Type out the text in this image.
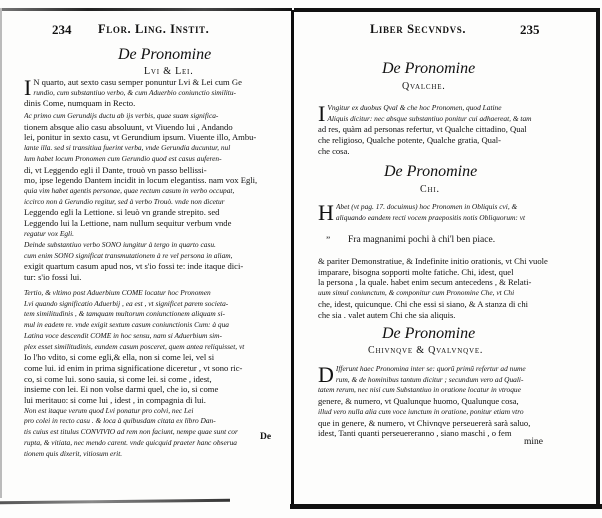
234 Flor. Ling. Instit.
De Pronomine
Lvi & Lei.
I N quarto, aut sexto casu semper ponuntur Lvi & Lei cum Ge
rundio, cum substantiuo verbo, & cum Aduerbio coniunctio similitu-
dinis Come, numquam in Recto.
Ac primo cum Gerundijs ductu ab ijs verbis, quae suam significa-
tionem absque alio casu absoluunt, vt Viuendo lui , Andando
lei, ponitur in sexto casu, vt Gerundium ipsum. Viuente illo, Ambu-
lante illa. sed si transitiua fuerint verba, vnde Gerundia ducuntur, nul
lum habet locum Pronomen cum Gerundio quod est casus auferen-
di, vt Leggendo egli il Dante, trouò vn passo bellissi-
mo, ipse legendo Dantem incidit in locum elegantiss. nam vox Egli,
quia vim habet agentis personae, quae rectum casum in verbo occupat,
iccirco non à Gerundio regitur, sed à verbo Trouò. vnde non dicetur
Leggendo egli la Lettione. si leuò vn grande strepito. sed
Leggendo lui la Lettione, nam nullum sequitur verbum vnde
regatur vox Egli.
Deinde substantiuo verbo SONO iungitur à tergo in quarto casu.
cum enim SONO significat transmutationem à re vel persona in aliam,
exigit quartum casum apud nos, vt s'io fossi te: inde itaque dici-
tur: s'io fossi lui.
Tertio, & vltimo post Aduerbium COME locatur hoc Pronomen
Lvi quando significatio Aduerbij , ea est , vt significet parem societa-
tem similitudinis , & tamquam multorum coniunctionem aliquam si-
mul in eadem re. vnde exigit sextum casum coniunctionis Cum: à qua
Latina voce descendit COME in hoc sensu, nam si Aduerbium sim-
plex esset similitudinis, eundem casum posceret, quem antea reliquisset, vt
Io l'ho vdito, si come egli,& ella, non si come lei, vel si
come lui. id enim in prima significatione diceretur , vt sono ric-
co, si come lui. sono sauia, si come lei. si come , idest,
insieme con lei. Ei non volse darmi quel, che io, si come
lui meritauo: si come lui , idest , in compagnia di lui.
Non est itaque verum quod Lvi ponatur pro colvi, nec Lei
pro colei in recto casu . & loca à quibusdam citata ex libro Dan-
tis cuius est titulus CONVIVIO ad rem non faciunt, nempe quae sunt cor
rupta, & vitiata, nec mendo carent. vnde quicquid praeter hanc obserua
tionem quis dixerit, vitiosum erit.
De
Liber Secvndvs.	235
De Pronomine
Qvalche.
I Vngitur ex duobus Qval & che hoc Pronomen, quod Latine
Aliquis dicitur: nec absque substantiuo ponitur cui adhaereat, & tam
ad res, quàm ad personas refertur, vt Qualche cittadino, Qual
che religioso, Qualche potente, Qualche gratia, Qual-
che cosa.
De Pronomine
Chi.
H Abet (vt pag. 17. docuimus) hoc Pronomen in Obliquis cvi, &
aliquando eandem recti vocem praepositis notis Obliquorum: vt
” Fra magnanimi pochi à chi'l ben piace.
& pariter Demonstratiue, & Indefinite initio orationis, vt Chi vuole
imparare, bisogna sopporti molte fatiche. Chi, idest, quel
la persona , la quale. habet enim secum antecedens , & Relati-
uum simul coniunctum, & componitur cum Pronomine Che, vt Chi
che, idest, quicunque. Chi che essi si siano, & A stanza di chi
che sia . valet autem Chi che sia aliquis.
De Pronomine
Chivnqve & Qvalvnqve.
D Ifferunt haec Pronomina inter se: quorũ primũ refertur ad nume
rum, & de hominibus tantum dicitur ; secundum vero ad Quali-
tatem rerum, nec nisi cum Substantiuo in oratione locatur in vtroque
genere, & numero, vt Qualunque huomo, Qualunque cosa,
illud vero nulla alia cum voce iunctum in oratione, ponitur etiam vtro
que in genere, & numero, vt Chivnqve perseuererà sarà saluo,
idest, Tanti quanti perseuereranno , siano maschi , o fem
mine
